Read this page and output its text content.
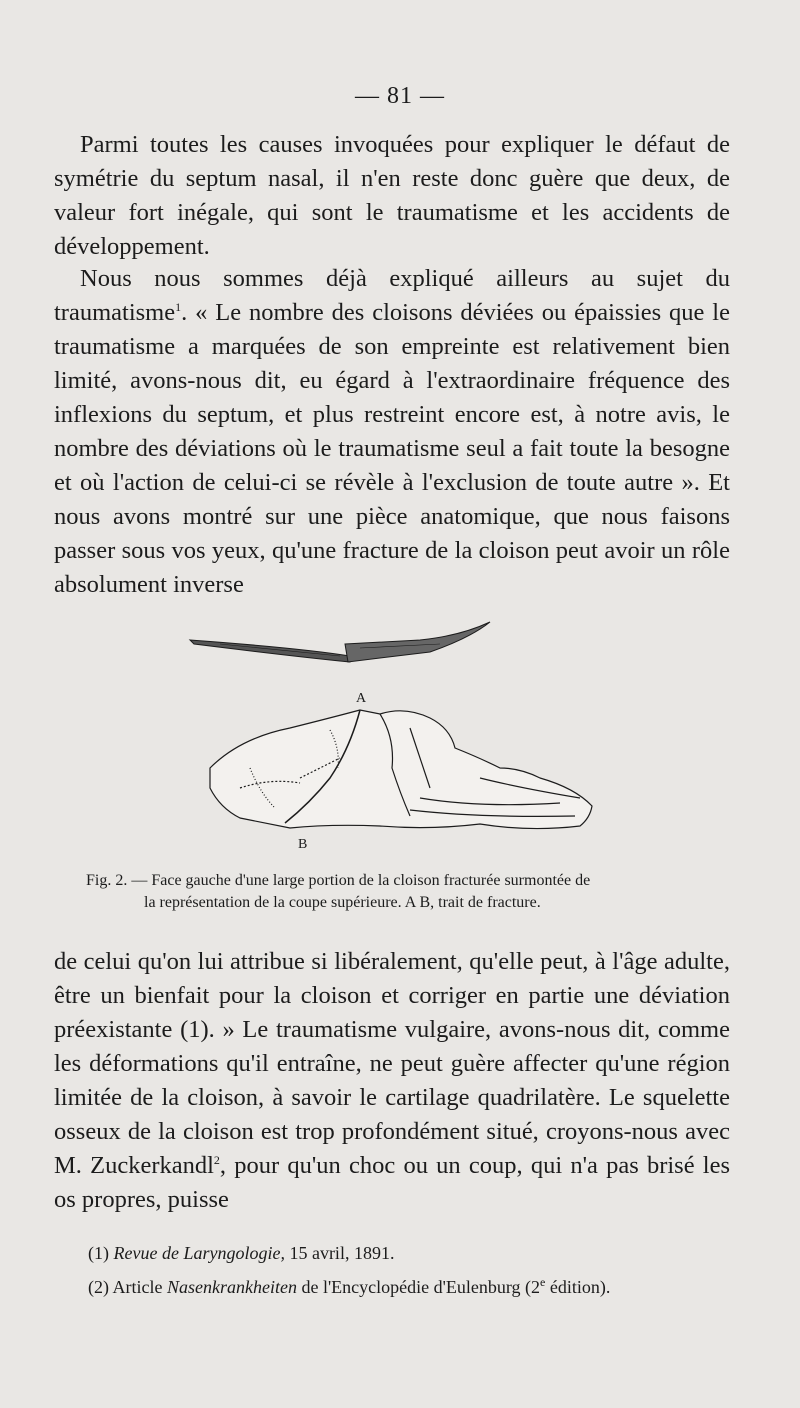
— 81 —

Parmi toutes les causes invoquées pour expliquer le défaut de symétrie du septum nasal, il n'en reste donc guère que deux, de valeur fort inégale, qui sont le traumatisme et les accidents de développement.

Nous nous sommes déjà expliqué ailleurs au sujet du traumatisme$^1$. « Le nombre des cloisons déviées ou épaissies que le traumatisme a marquées de son empreinte est relativement bien limité, avons-nous dit, eu égard à l'extraordinaire fréquence des inflexions du septum, et plus restreint encore est, à notre avis, le nombre des déviations où le traumatisme seul a fait toute la besogne et où l'action de celui-ci se révèle à l'exclusion de toute autre ». Et nous avons montré sur une pièce anatomique, que nous faisons passer sous vos yeux, qu'une fracture de la cloison peut avoir un rôle absolument inverse

A
B
Fig. 2. — Face gauche d'une large portion de la cloison fracturée surmontée de
la représentation de la coupe supérieure. A B, trait de fracture.

de celui qu'on lui attribue si libéralement, qu'elle peut, à l'âge adulte, être un bienfait pour la cloison et corriger en partie une déviation préexistante (1). » Le traumatisme vulgaire, avons-nous dit, comme les déformations qu'il entraîne, ne peut guère affecter qu'une région limitée de la cloison, à savoir le cartilage quadrilatère. Le squelette osseux de la cloison est trop profondément situé, croyons-nous avec M. Zuckerkandl$^2$, pour qu'un choc ou un coup, qui n'a pas brisé les os propres, puisse

(1) Revue de Laryngologie, 15 avril, 1891.
(2) Article Nasenkrankheiten de l'Encyclopédie d'Eulenburg (2e édition).
